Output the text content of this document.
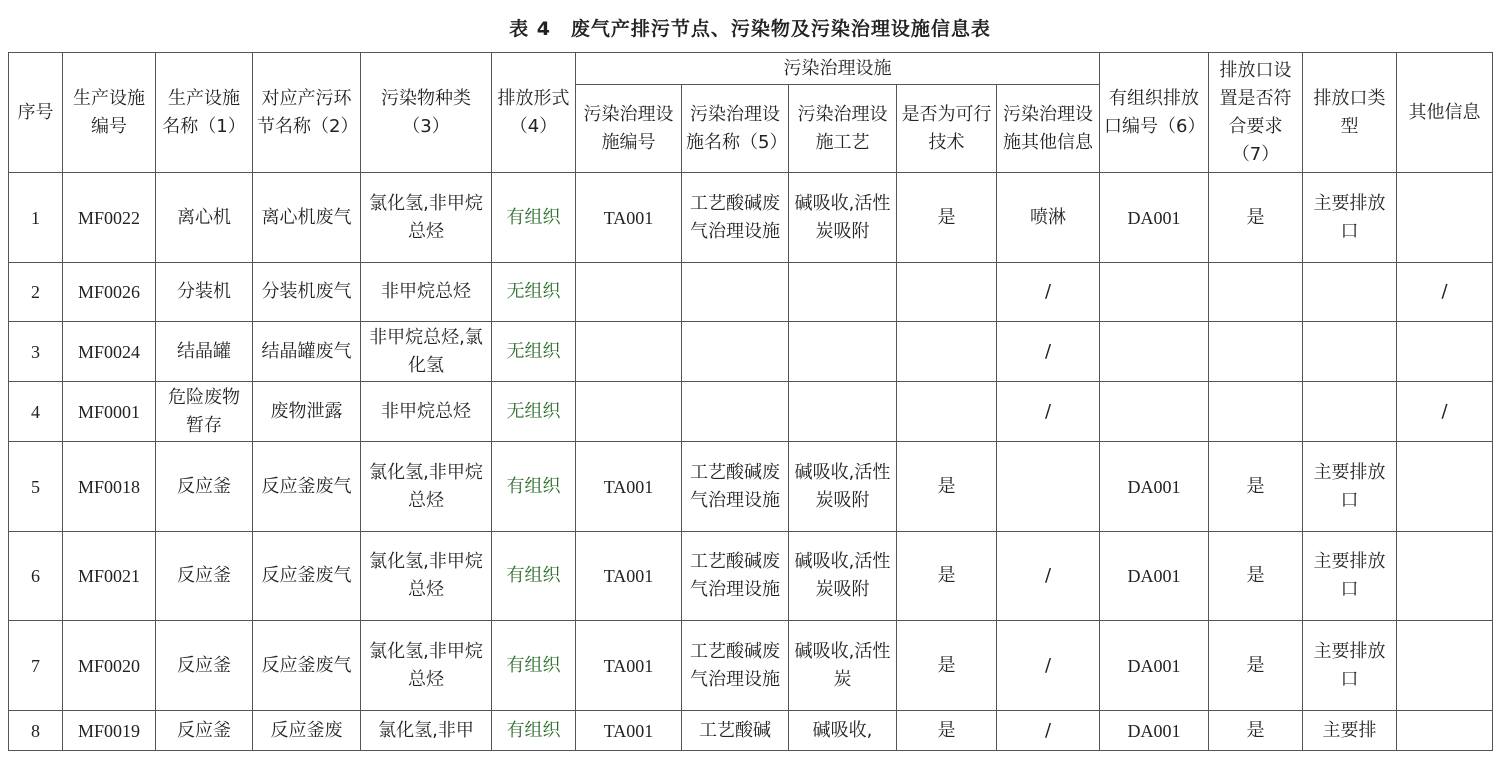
表 4　废气产排污节点、污染物及污染治理设施信息表
序号	生产设施编号	生产设施名称（1）	对应产污环节名称（2）	污染物种类（3）	排放形式（4）	污染治理设施					有组织排放口编号（6）	排放口设置是否符合要求（7）	排放口类型	其他信息
						污染治理设施编号	污染治理设施名称（5）	污染治理设施工艺	是否为可行技术	污染治理设施其他信息				
1	MF0022	离心机	离心机废气	氯化氢,非甲烷总烃	有组织	TA001	工艺酸碱废气治理设施	碱吸收,活性炭吸附	是	喷淋	DA001	是	主要排放口	
2	MF0026	分装机	分装机废气	非甲烷总烃	无组织					/				/
3	MF0024	结晶罐	结晶罐废气	非甲烷总烃,氯化氢	无组织					/				
4	MF0001	危险废物暂存	废物泄露	非甲烷总烃	无组织					/				/
5	MF0018	反应釜	反应釜废气	氯化氢,非甲烷总烃	有组织	TA001	工艺酸碱废气治理设施	碱吸收,活性炭吸附	是		DA001	是	主要排放口	
6	MF0021	反应釜	反应釜废气	氯化氢,非甲烷总烃	有组织	TA001	工艺酸碱废气治理设施	碱吸收,活性炭吸附	是	/	DA001	是	主要排放口	
7	MF0020	反应釜	反应釜废气	氯化氢,非甲烷总烃	有组织	TA001	工艺酸碱废气治理设施	碱吸收,活性炭	是	/	DA001	是	主要排放口	
8	MF0019	反应釜	反应釜废	氯化氢,非甲	有组织	TA001	工艺酸碱	碱吸收,	是	/	DA001	是	主要排	
